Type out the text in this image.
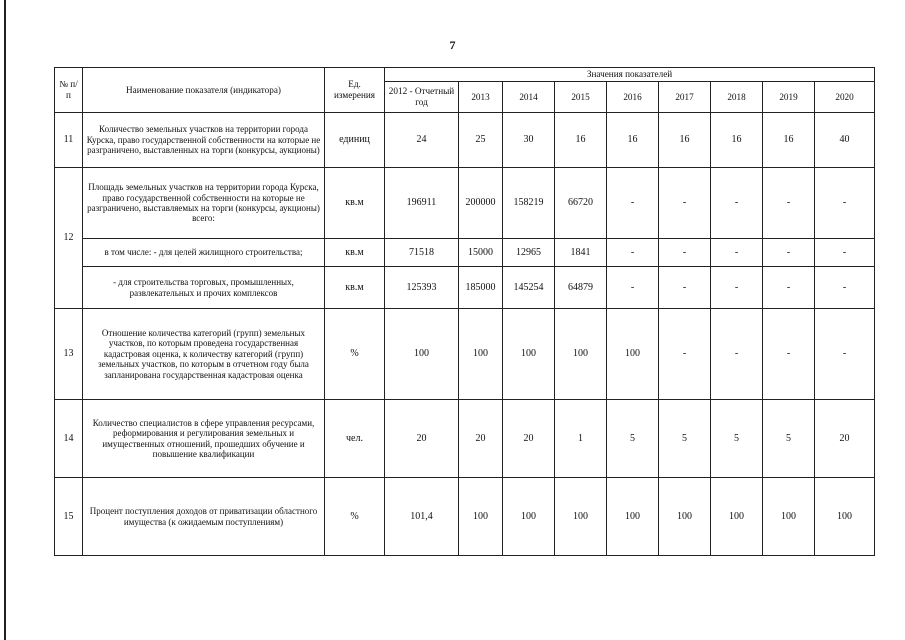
7
№ п/п	Наименование показателя (индикатора)	Ед. измерения	Значения показателей								
			2012 - Отчетный год	2013	2014	2015	2016	2017	2018	2019	2020
11	Количество земельных участков на территории города Курска, право государственной собственности на которые не разграничено, выставленных на торги (конкурсы, аукционы)	единиц	24	25	30	16	16	16	16	16	40
12	Площадь земельных участков на территории города Курска, право государственной собственности на которые не разграничено, выставляемых на торги (конкурсы, аукционы) всего:	кв.м	196911	200000	158219	66720	-	-	-	-	-
	в том числе: - для целей жилищного строительства;	кв.м	71518	15000	12965	1841	-	-	-	-	-
	- для строительства торговых, промышленных, развлекательных и прочих комплексов	кв.м	125393	185000	145254	64879	-	-	-	-	-
13	Отношение количества категорий (групп) земельных участков, по которым проведена государственная кадастровая оценка, к количеству категорий (групп) земельных участков, по которым в отчетном году была запланирована государственная кадастровая оценка	%	100	100	100	100	100	-	-	-	-
14	Количество специалистов в сфере управления ресурсами, реформирования и регулирования земельных и имущественных отношений, прошедших обучение и повышение квалификации	чел.	20	20	20	1	5	5	5	5	20
15	Процент поступления доходов от приватизации областного имущества (к ожидаемым поступлениям)	%	101,4	100	100	100	100	100	100	100	100
